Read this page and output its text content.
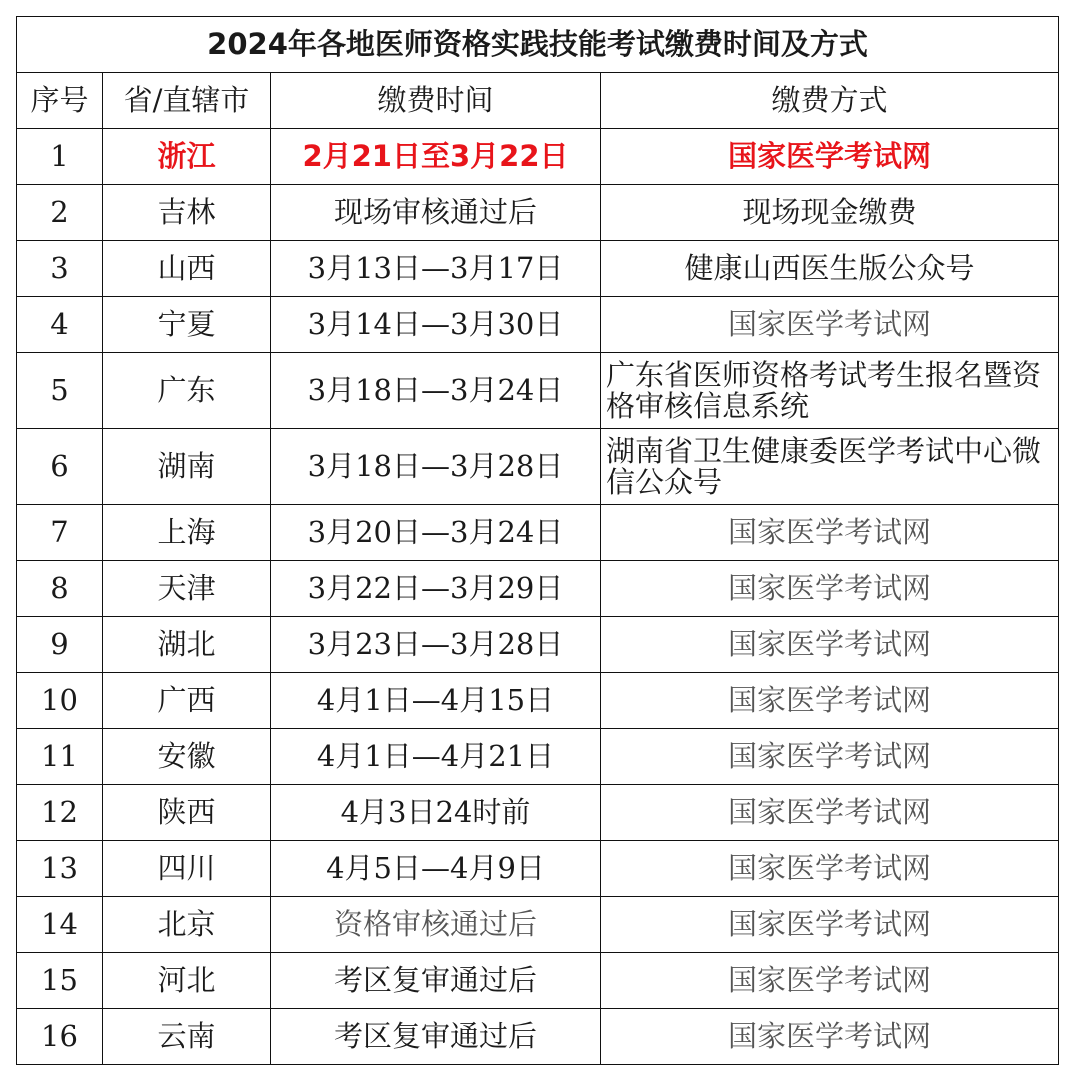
2024年各地医师资格实践技能考试缴费时间及方式			
序号	省/直辖市	缴费时间	缴费方式
1	浙江	2月21日至3月22日	国家医学考试网
2	吉林	现场审核通过后	现场现金缴费
3	山西	3月13日—3月17日	健康山西医生版公众号
4	宁夏	3月14日—3月30日	国家医学考试网
5	广东	3月18日—3月24日	广东省医师资格考试考生报名暨资格审核信息系统
6	湖南	3月18日—3月28日	湖南省卫生健康委医学考试中心微信公众号
7	上海	3月20日—3月24日	国家医学考试网
8	天津	3月22日—3月29日	国家医学考试网
9	湖北	3月23日—3月28日	国家医学考试网
10	广西	4月1日—4月15日	国家医学考试网
11	安徽	4月1日—4月21日	国家医学考试网
12	陕西	4月3日24时前	国家医学考试网
13	四川	4月5日—4月9日	国家医学考试网
14	北京	资格审核通过后	国家医学考试网
15	河北	考区复审通过后	国家医学考试网
16	云南	考区复审通过后	国家医学考试网
